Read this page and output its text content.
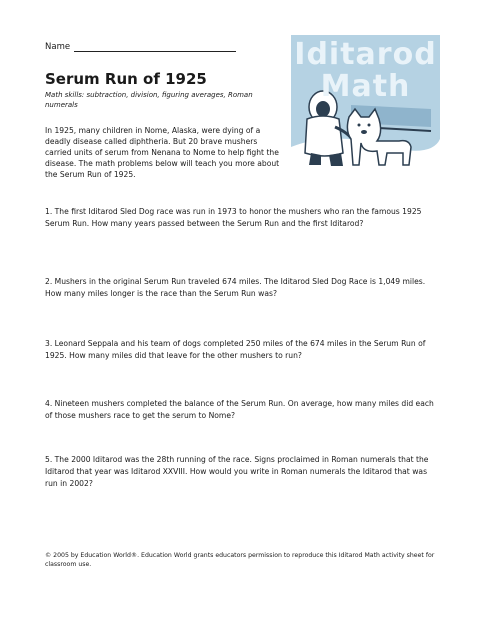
Name
Serum Run of 1925
Math skills: subtraction, division, figuring averages, Roman numerals
In 1925, many children in Nome, Alaska, were dying of a deadly disease called diphtheria. But 20 brave mushers carried units of serum from Nenana to Nome to help fight the disease. The math problems below will teach you more about the Serum Run of 1925.
Iditarod
Math
1. The first Iditarod Sled Dog race was run in 1973 to honor the mushers who ran the famous 1925 Serum Run. How many years passed between the Serum Run and the first Iditarod?
2. Mushers in the original Serum Run traveled 674 miles. The Iditarod Sled Dog Race is 1,049 miles. How many miles longer is the race than the Serum Run was?
3. Leonard Seppala and his team of dogs completed 250 miles of the 674 miles in the Serum Run of 1925. How many miles did that leave for the other mushers to run?
4. Nineteen mushers completed the balance of the Serum Run. On average, how many miles did each of those mushers race to get the serum to Nome?
5. The 2000 Iditarod was the 28th running of the race. Signs proclaimed in Roman numerals that the Iditarod that year was Iditarod XXVIII. How would you write in Roman numerals the Iditarod that was run in 2002?
© 2005 by Education World®. Education World grants educators permission to reproduce this Iditarod Math activity sheet for classroom use.
